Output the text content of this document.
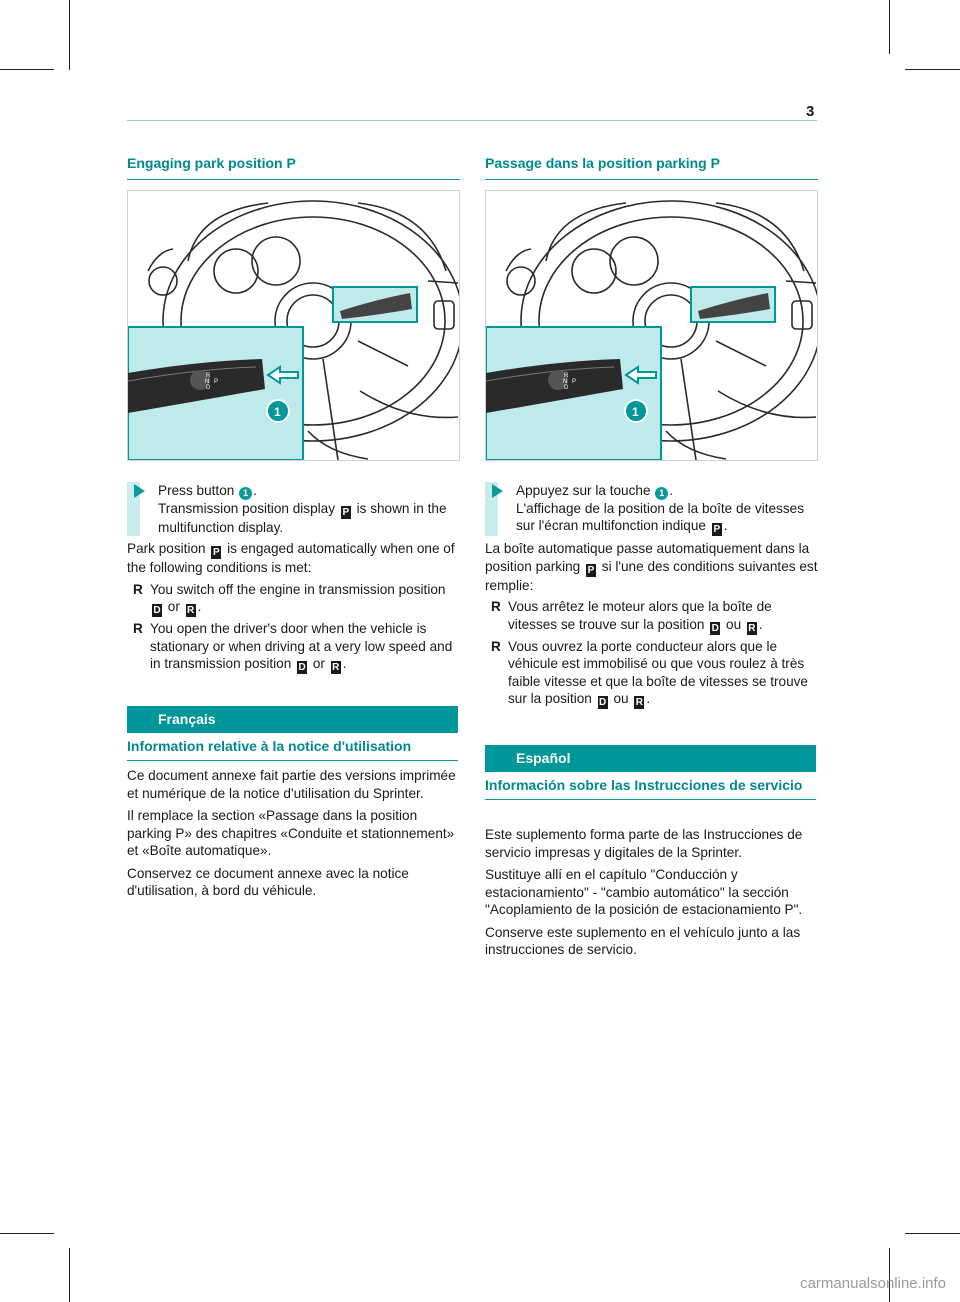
3
Engaging park position P
R
N
D
P
1
Press button 1 .
Transmission position display P is shown in the multifunction display.

Park position P is engaged automatically when one of the following conditions is met:

R You switch off the engine in transmission position D or R .
R You open the driver's door when the vehicle is stationary or when driving at a very low speed and in transmission position D or R .
Passage dans la position parking P
R
N
D
P
1
Appuyez sur la touche 1 .
L'affichage de la position de la boîte de vitesses sur l'écran multifonction indique P .

La boîte automatique passe automatiquement dans la position parking P si l'une des conditions suivantes est remplie:

R Vous arrêtez le moteur alors que la boîte de vitesses se trouve sur la position D ou R .
R Vous ouvrez la porte conducteur alors que le véhicule est immobilisé ou que vous roulez à très faible vitesse et que la boîte de vitesses se trouve sur la position D ou R .
Français
Information relative à la notice d'utilisation

Ce document annexe fait partie des versions imprimée et numérique de la notice d'utilisation du Sprinter.

Il remplace la section «Passage dans la position parking P» des chapitres «Conduite et stationnement» et «Boîte automatique».

Conservez ce document annexe avec la notice d'utilisation, à bord du véhicule.

Español
Información sobre las Instrucciones de servicio

Este suplemento forma parte de las Instrucciones de servicio impresas y digitales de la Sprinter.

Sustituye allí en el capítulo "Conducción y estacionamiento" - "cambio automático" la sección "Acoplamiento de la posición de estacionamiento P".

Conserve este suplemento en el vehículo junto a las instrucciones de servicio.

carmanualsonline.info
